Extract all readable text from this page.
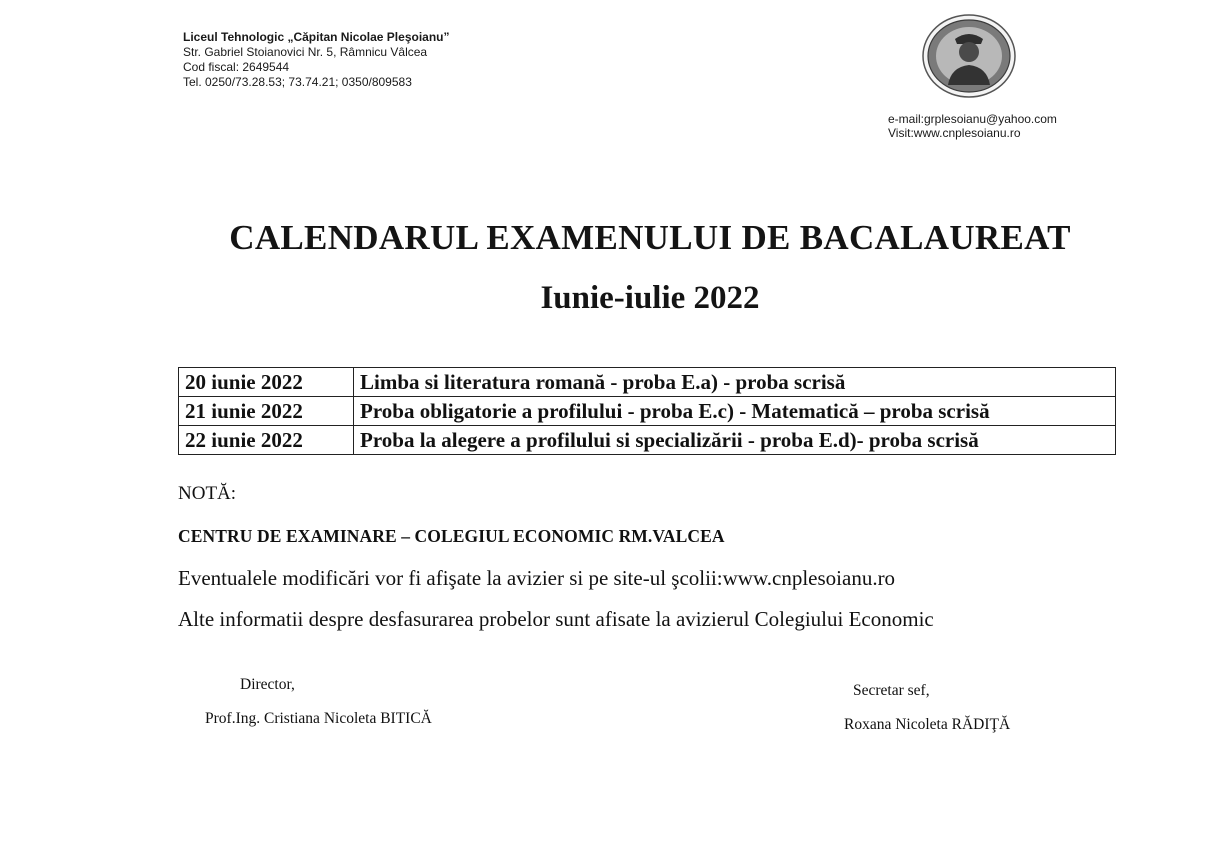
Liceul Tehnologic „Căpitan Nicolae Pleşoianu”
Str. Gabriel Stoianovici Nr. 5, Râmnicu Vâlcea
Cod fiscal: 2649544
Tel. 0250/73.28.53; 73.74.21; 0350/809583
e-mail:grplesoianu@yahoo.com
Visit:www.cnplesoianu.ro
CALENDARUL EXAMENULUI DE BACALAUREAT
Iunie-iulie 2022
20 iunie 2022	Limba si literatura romană - proba E.a) - proba scrisă
21 iunie 2022	Proba obligatorie a profilului - proba E.c) - Matematică – proba scrisă
22 iunie 2022	Proba la alegere a profilului si specializării - proba E.d)- proba scrisă
NOTĂ:
CENTRU DE EXAMINARE – COLEGIUL ECONOMIC RM.VALCEA
Eventualele modificări vor fi afişate la avizier si pe site-ul şcolii:www.cnplesoianu.ro
Alte informatii despre desfasurarea probelor sunt afisate la avizierul Colegiului Economic
Director,
Prof.Ing. Cristiana Nicoleta BITICĂ
Secretar sef,
Roxana Nicoleta RĂDIŢĂ
